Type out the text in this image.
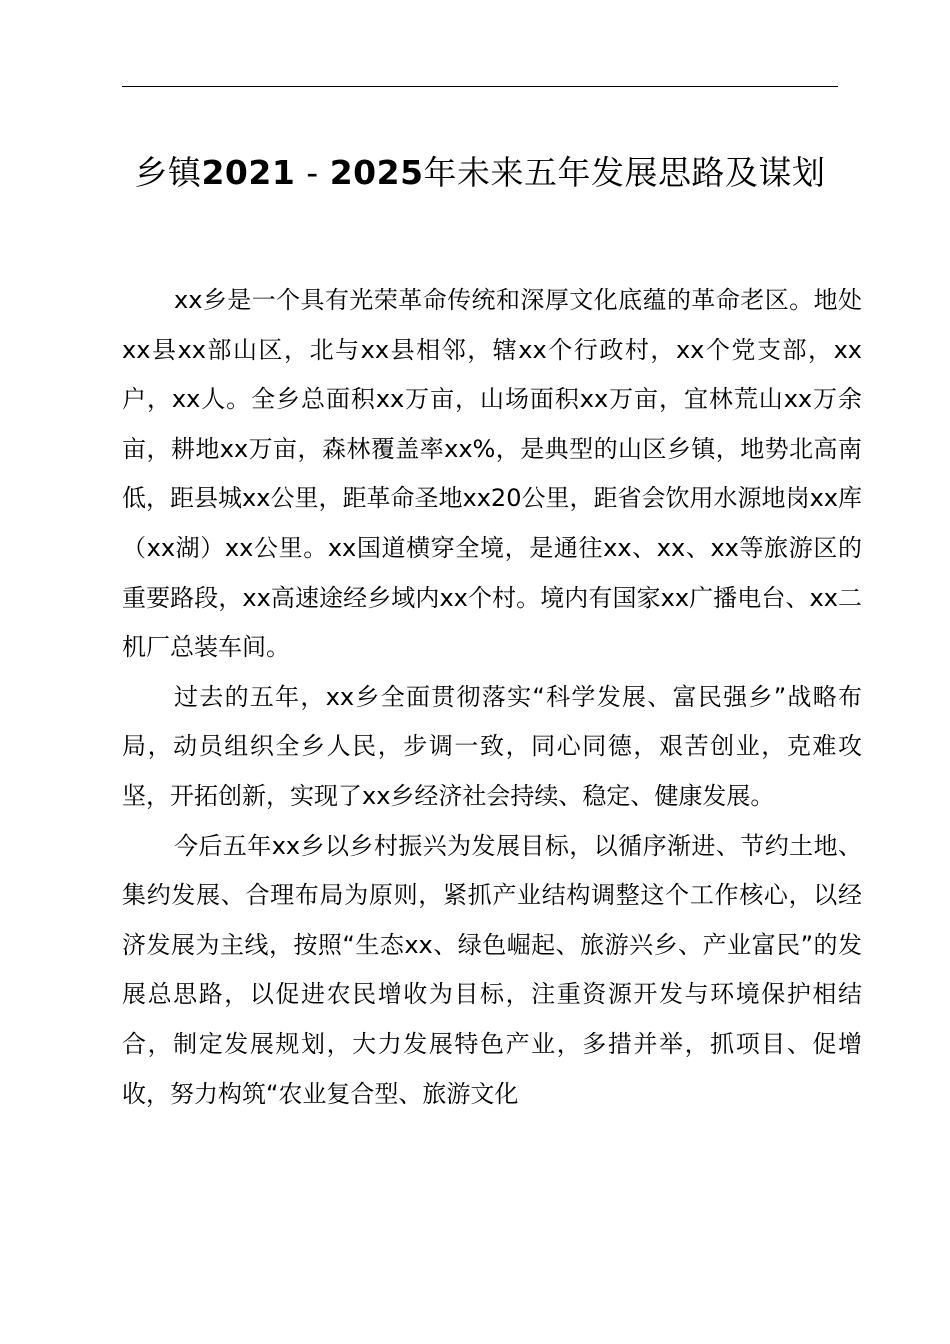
乡镇2021 - 2025年未来五年发展思路及谋划

xx乡是一个具有光荣革命传统和深厚文化底蕴的革命老区。地处xx县xx部山区，北与xx县相邻，辖xx个行政村，xx个党支部，xx户，xx人。全乡总面积xx万亩，山场面积xx万亩，宜林荒山xx万余亩，耕地xx万亩，森林覆盖率xx%，是典型的山区乡镇，地势北高南低，距县城xx公里，距革命圣地xx20公里，距省会饮用水源地岗xx库（xx湖）xx公里。xx国道横穿全境，是通往xx、xx、xx等旅游区的重要路段，xx高速途经乡域内xx个村。境内有国家xx广播电台、xx二机厂总装车间。

过去的五年，xx乡全面贯彻落实“科学发展、富民强乡”战略布局，动员组织全乡人民，步调一致，同心同德，艰苦创业，克难攻坚，开拓创新，实现了xx乡经济社会持续、稳定、健康发展。

今后五年xx乡以乡村振兴为发展目标，以循序渐进、节约土地、集约发展、合理布局为原则，紧抓产业结构调整这个工作核心，以经济发展为主线，按照“生态xx、绿色崛起、旅游兴乡、产业富民”的发展总思路，以促进农民增收为目标，注重资源开发与环境保护相结合，制定发展规划，大力发展特色产业，多措并举，抓项目、促增收，努力构筑“农业复合型、旅游文化
